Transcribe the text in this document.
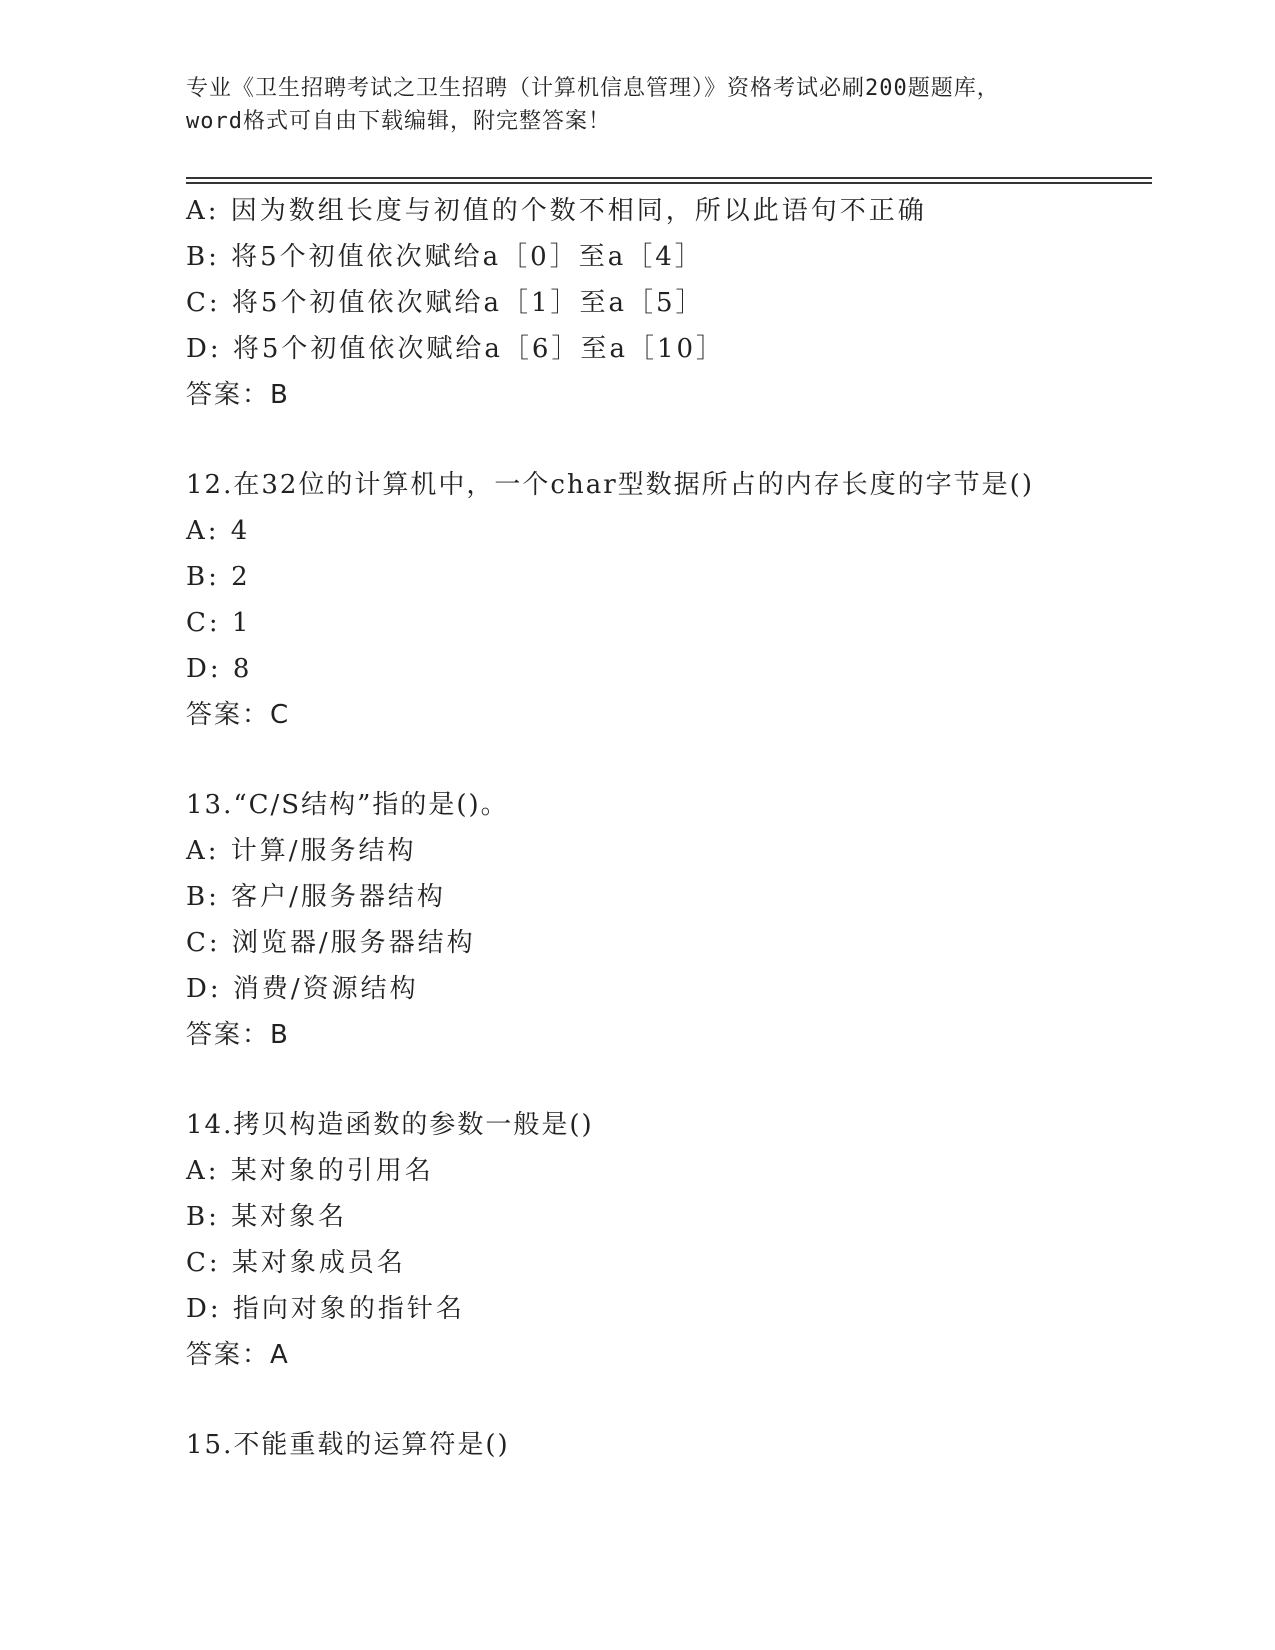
专业《卫生招聘考试之卫生招聘（计算机信息管理）》资格考试必刷200题题库，
word格式可自由下载编辑，附完整答案！
A: 因为数组长度与初值的个数不相同，所以此语句不正确
B: 将5个初值依次赋给a［0］至a［4］
C: 将5个初值依次赋给a［1］至a［5］
D: 将5个初值依次赋给a［6］至a［10］
答案：B
12.在32位的计算机中，一个char型数据所占的内存长度的字节是()
A: 4
B: 2
C: 1
D: 8
答案：C
13.“C/S结构”指的是()。
A: 计算/服务结构
B: 客户/服务器结构
C: 浏览器/服务器结构
D: 消费/资源结构
答案：B
14.拷贝构造函数的参数一般是()
A: 某对象的引用名
B: 某对象名
C: 某对象成员名
D: 指向对象的指针名
答案：A
15.不能重载的运算符是()
